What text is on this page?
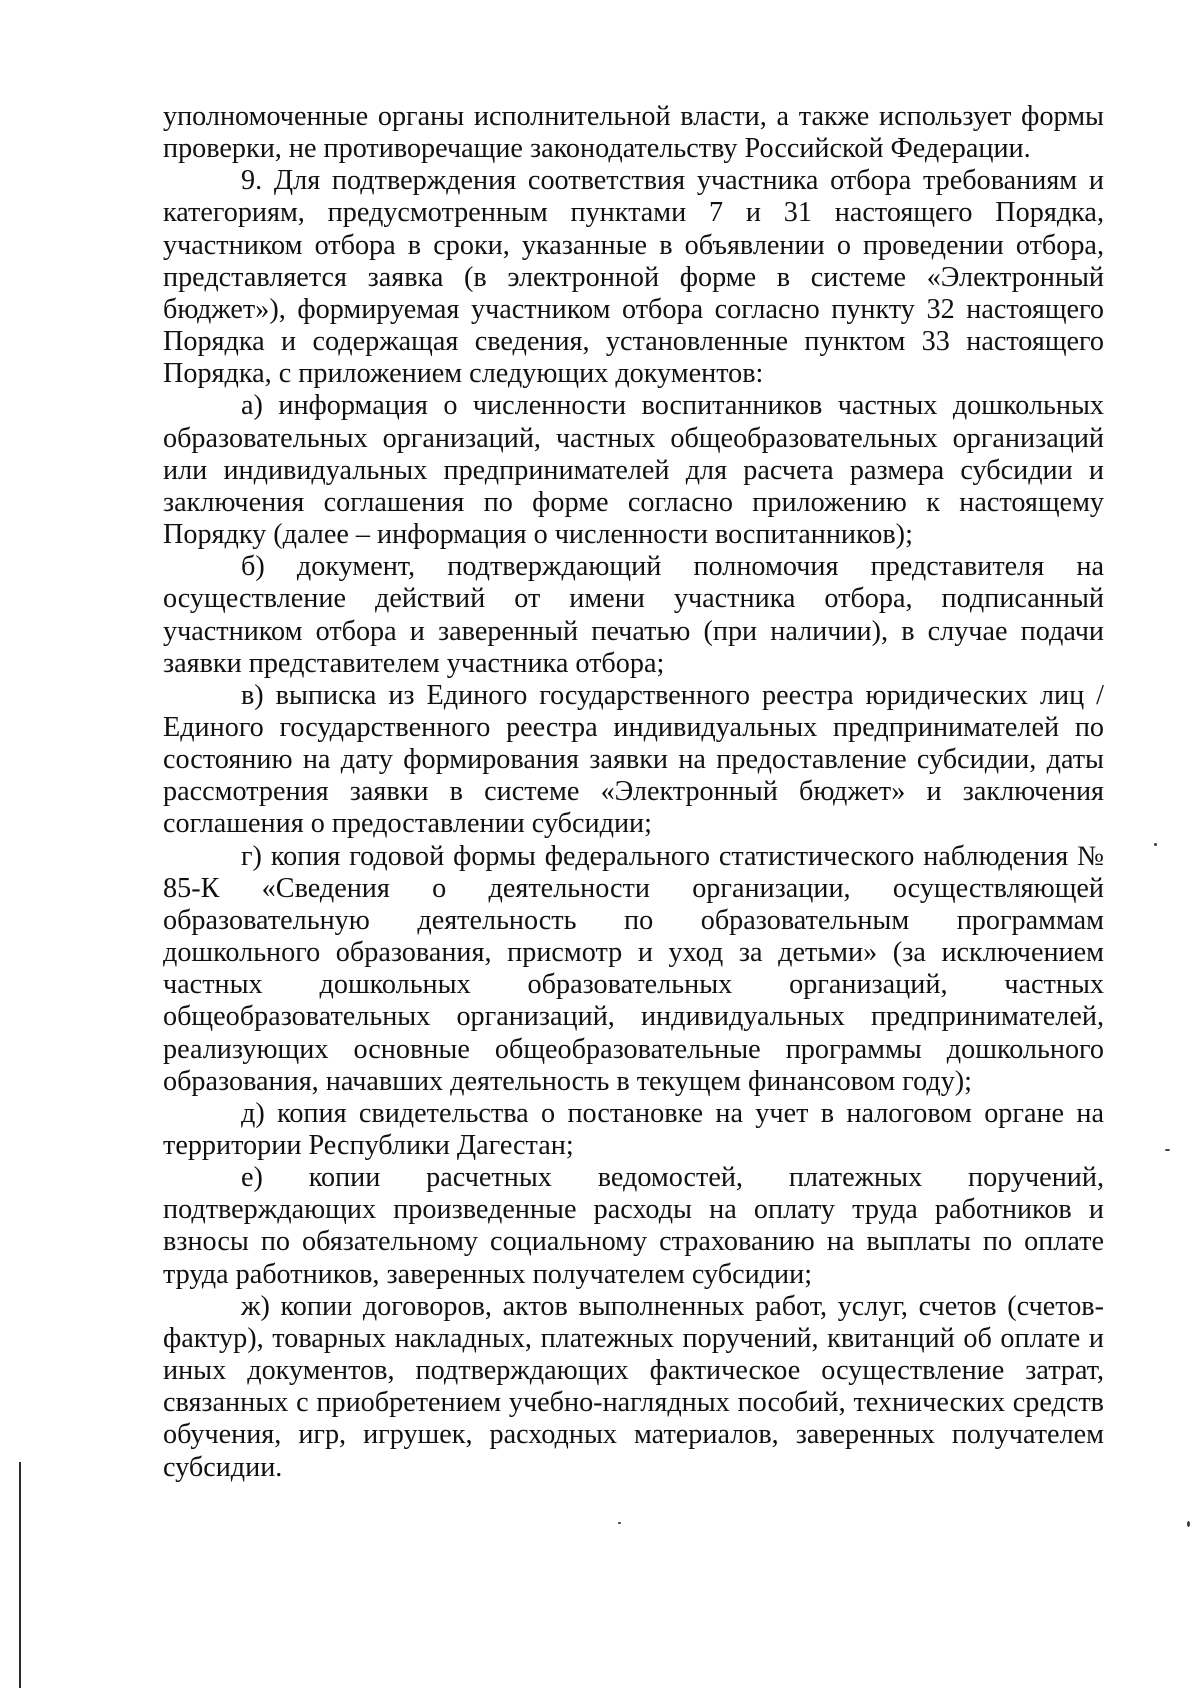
уполномоченные органы исполнительной власти, а также использует формы проверки, не противоречащие законодательству Российской Федерации.

9. Для подтверждения соответствия участника отбора требованиям и категориям, предусмотренным пунктами 7 и 31 настоящего Порядка, участником отбора в сроки, указанные в объявлении о проведении отбора, представляется заявка (в электронной форме в системе «Электронный бюджет»), формируемая участником отбора согласно пункту 32 настоящего Порядка и содержащая сведения, установленные пунктом 33 настоящего Порядка, с приложением следующих документов:

а) информация о численности воспитанников частных дошкольных образовательных организаций, частных общеобразовательных организаций или индивидуальных предпринимателей для расчета размера субсидии и заключения соглашения по форме согласно приложению к настоящему Порядку (далее – информация о численности воспитанников);

б) документ, подтверждающий полномочия представителя на осуществление действий от имени участника отбора, подписанный участником отбора и заверенный печатью (при наличии), в случае подачи заявки представителем участника отбора;

в) выписка из Единого государственного реестра юридических лиц / Единого государственного реестра индивидуальных предпринимателей по состоянию на дату формирования заявки на предоставление субсидии, даты рассмотрения заявки в системе «Электронный бюджет» и заключения соглашения о предоставлении субсидии;

г) копия годовой формы федерального статистического наблюдения № 85-К «Сведения о деятельности организации, осуществляющей образовательную деятельность по образовательным программам дошкольного образования, присмотр и уход за детьми» (за исключением частных дошкольных образовательных организаций, частных общеобразовательных организаций, индивидуальных предпринимателей, реализующих основные общеобразовательные программы дошкольного образования, начавших деятельность в текущем финансовом году);

д) копия свидетельства о постановке на учет в налоговом органе на территории Республики Дагестан;

е) копии расчетных ведомостей, платежных поручений, подтверждающих произведенные расходы на оплату труда работников и взносы по обязательному социальному страхованию на выплаты по оплате труда работников, заверенных получателем субсидии;

ж) копии договоров, актов выполненных работ, услуг, счетов (счетов-фактур), товарных накладных, платежных поручений, квитанций об оплате и иных документов, подтверждающих фактическое осуществление затрат, связанных с приобретением учебно-наглядных пособий, технических средств обучения, игр, игрушек, расходных материалов, заверенных получателем субсидии.
